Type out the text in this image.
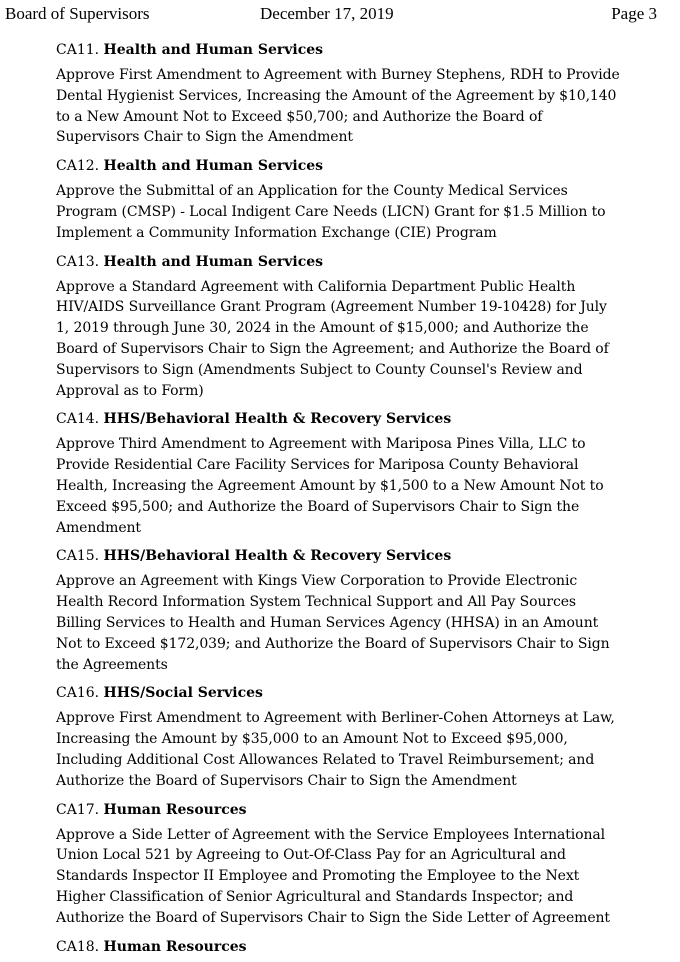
Board of Supervisors	December 17, 2019	Page 3
CA11. Health and Human Services
Approve First Amendment to Agreement with Burney Stephens, RDH to Provide
Dental Hygienist Services, Increasing the Amount of the Agreement by $10,140
to a New Amount Not to Exceed $50,700; and Authorize the Board of
Supervisors Chair to Sign the Amendment
CA12. Health and Human Services
Approve the Submittal of an Application for the County Medical Services
Program (CMSP) - Local Indigent Care Needs (LICN) Grant for $1.5 Million to
Implement a Community Information Exchange (CIE) Program
CA13. Health and Human Services
Approve a Standard Agreement with California Department Public Health
HIV/AIDS Surveillance Grant Program (Agreement Number 19-10428) for July
1, 2019 through June 30, 2024 in the Amount of $15,000; and Authorize the
Board of Supervisors Chair to Sign the Agreement; and Authorize the Board of
Supervisors to Sign (Amendments Subject to County Counsel's Review and
Approval as to Form)
CA14. HHS/Behavioral Health & Recovery Services
Approve Third Amendment to Agreement with Mariposa Pines Villa, LLC to
Provide Residential Care Facility Services for Mariposa County Behavioral
Health, Increasing the Agreement Amount by $1,500 to a New Amount Not to
Exceed $95,500; and Authorize the Board of Supervisors Chair to Sign the
Amendment
CA15. HHS/Behavioral Health & Recovery Services
Approve an Agreement with Kings View Corporation to Provide Electronic
Health Record Information System Technical Support and All Pay Sources
Billing Services to Health and Human Services Agency (HHSA) in an Amount
Not to Exceed $172,039; and Authorize the Board of Supervisors Chair to Sign
the Agreements
CA16. HHS/Social Services
Approve First Amendment to Agreement with Berliner-Cohen Attorneys at Law,
Increasing the Amount by $35,000 to an Amount Not to Exceed $95,000,
Including Additional Cost Allowances Related to Travel Reimbursement; and
Authorize the Board of Supervisors Chair to Sign the Amendment
CA17. Human Resources
Approve a Side Letter of Agreement with the Service Employees International
Union Local 521 by Agreeing to Out-Of-Class Pay for an Agricultural and
Standards Inspector II Employee and Promoting the Employee to the Next
Higher Classification of Senior Agricultural and Standards Inspector; and
Authorize the Board of Supervisors Chair to Sign the Side Letter of Agreement
CA18. Human Resources
